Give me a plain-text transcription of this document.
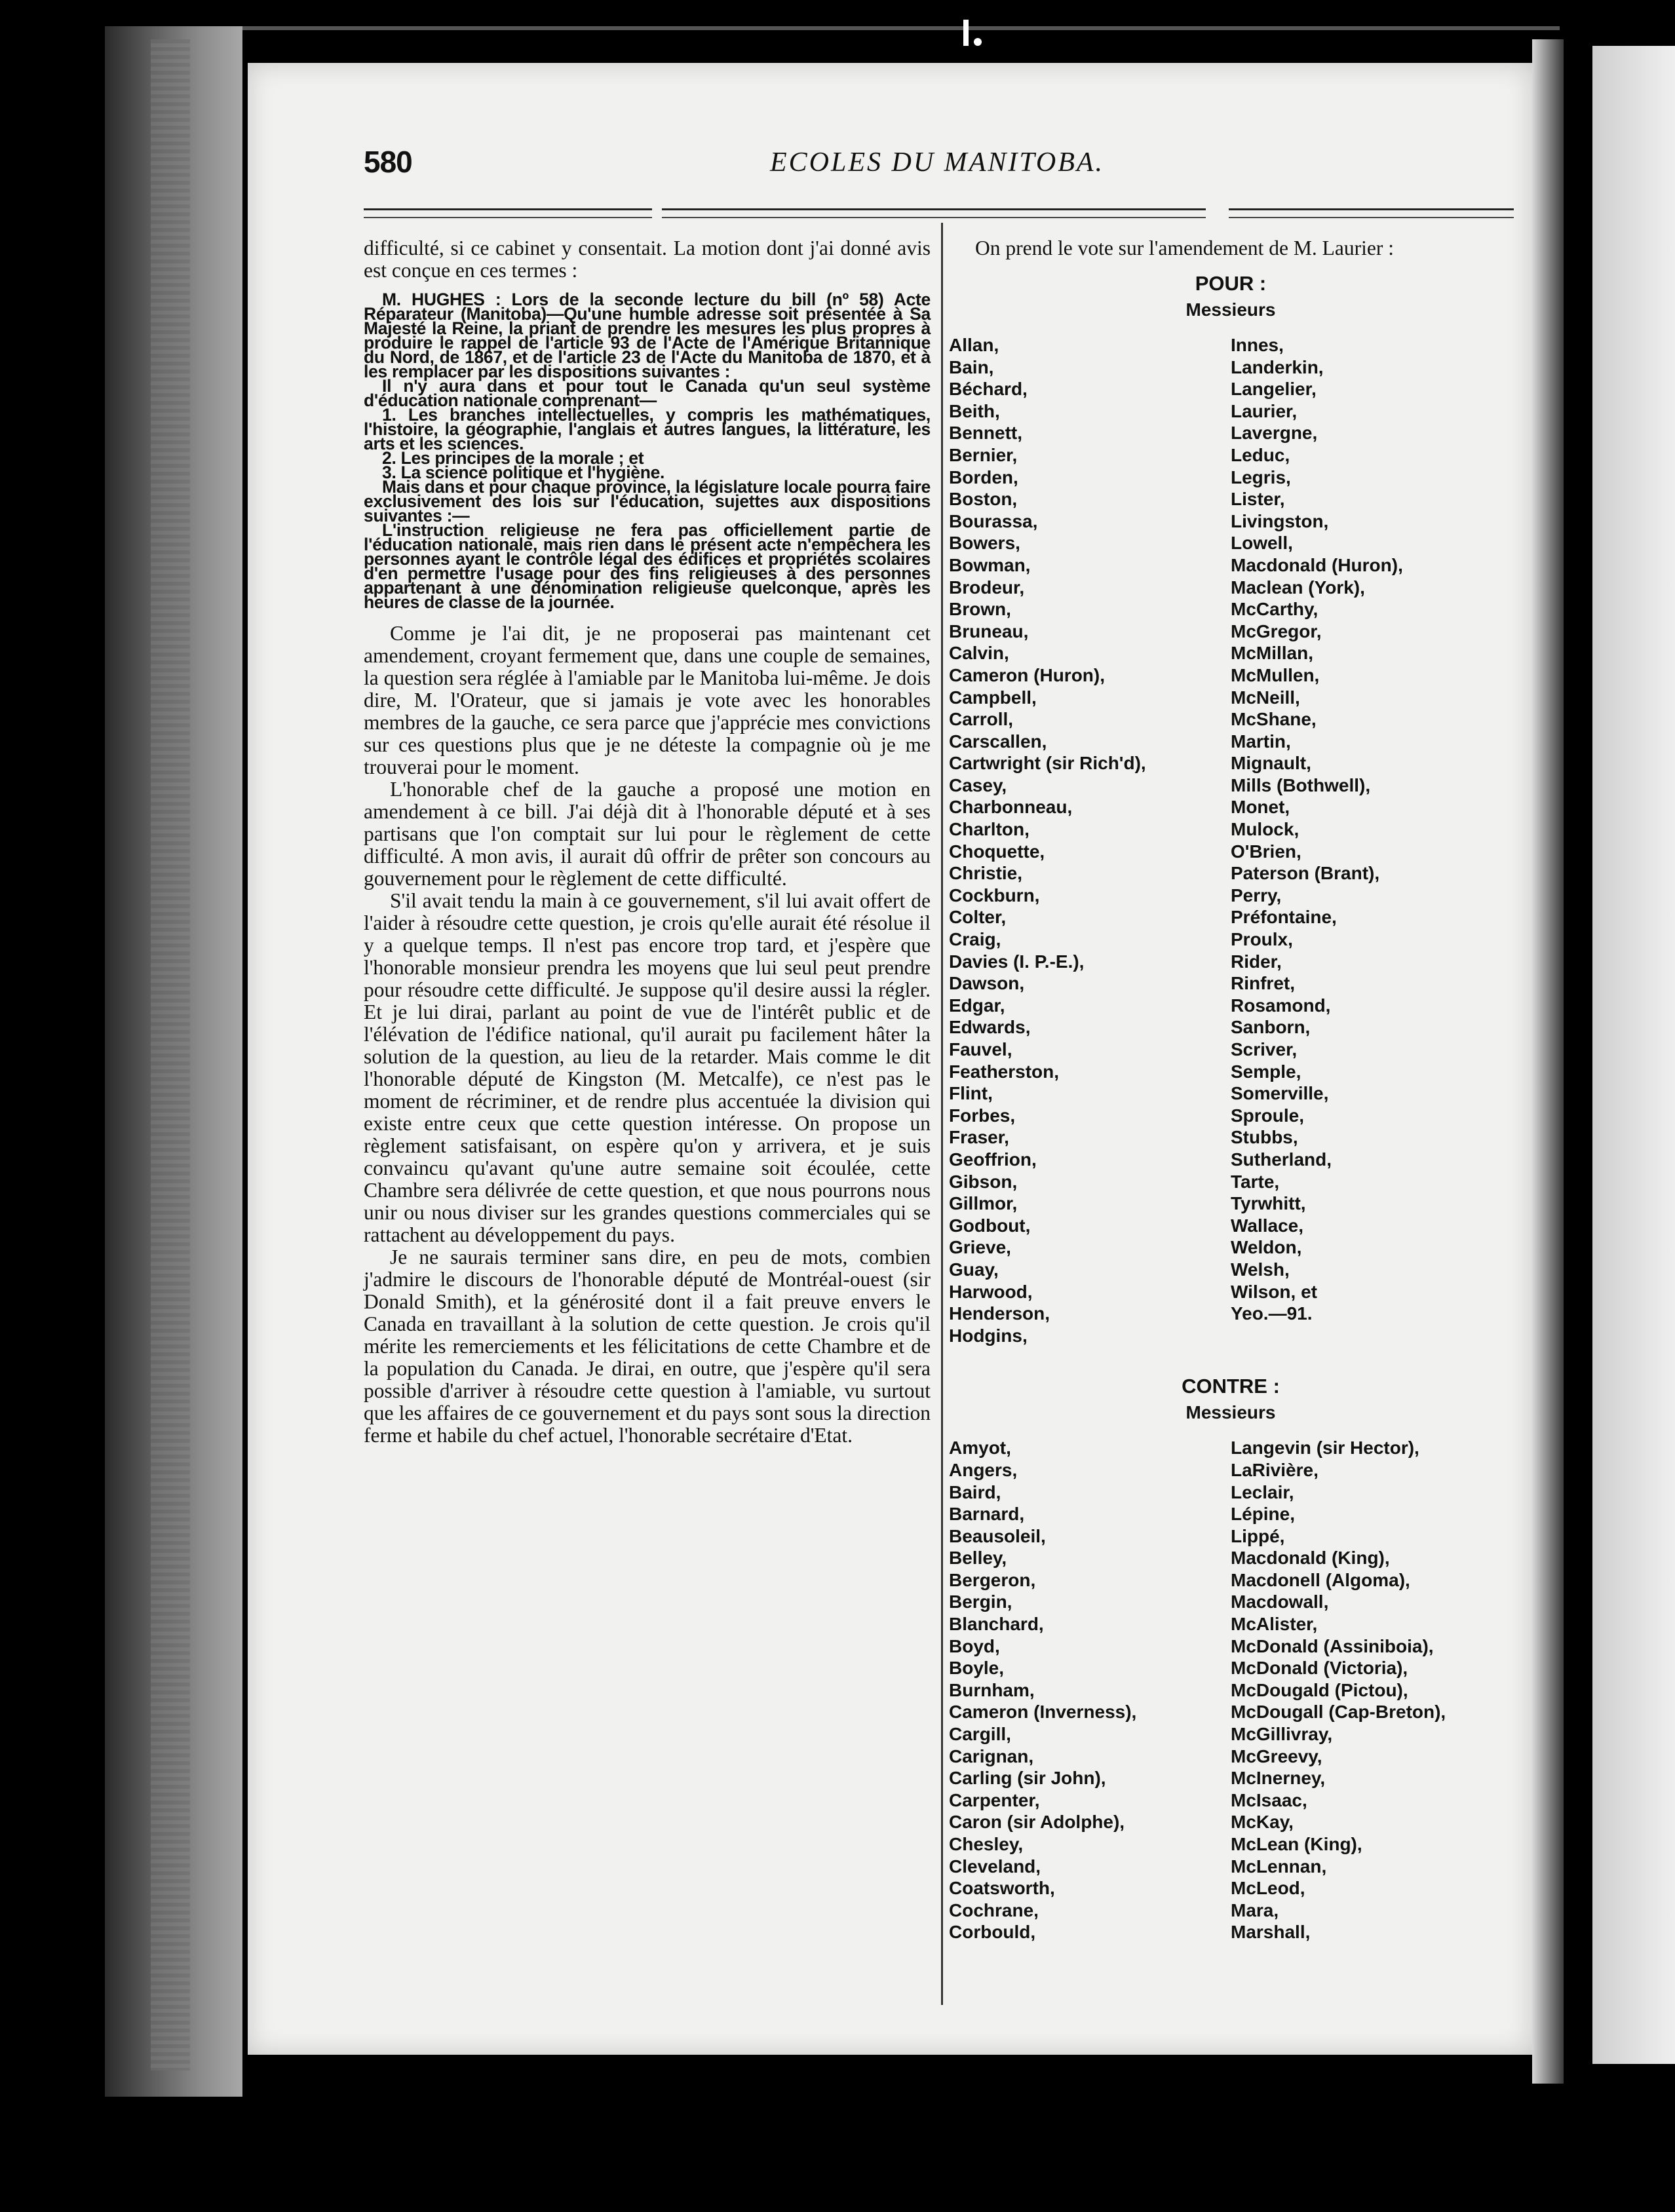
580	ECOLES DU MANITOBA.

difficulté, si ce cabinet y consentait. La motion dont j'ai donné avis est conçue en ces termes :

M. HUGHES : Lors de la seconde lecture du bill (nº 58) Acte Réparateur (Manitoba)—Qu'une humble adresse soit présentée à Sa Majesté la Reine, la priant de prendre les mesures les plus propres à produire le rappel de l'article 93 de l'Acte de l'Amérique Britannique du Nord, de 1867, et de l'article 23 de l'Acte du Manitoba de 1870, et à les remplacer par les dispositions suivantes :

Il n'y aura dans et pour tout le Canada qu'un seul système d'éducation nationale comprenant—

1. Les branches intellectuelles, y compris les mathématiques, l'histoire, la géographie, l'anglais et autres langues, la littérature, les arts et les sciences.

2. Les principes de la morale ; et

3. La science politique et l'hygiène.

Mais dans et pour chaque province, la législature locale pourra faire exclusivement des lois sur l'éducation, sujettes aux dispositions suivantes :—

L'instruction religieuse ne fera pas officiellement partie de l'éducation nationale, mais rien dans le présent acte n'empêchera les personnes ayant le contrôle légal des édifices et propriétés scolaires d'en permettre l'usage pour des fins religieuses à des personnes appartenant à une dénomination religieuse quelconque, après les heures de classe de la journée.

Comme je l'ai dit, je ne proposerai pas maintenant cet amendement, croyant fermement que, dans une couple de semaines, la question sera réglée à l'amiable par le Manitoba lui-même. Je dois dire, M. l'Orateur, que si jamais je vote avec les honorables membres de la gauche, ce sera parce que j'apprécie mes convictions sur ces questions plus que je ne déteste la compagnie où je me trouverai pour le moment.

L'honorable chef de la gauche a proposé une motion en amendement à ce bill. J'ai déjà dit à l'honorable député et à ses partisans que l'on comptait sur lui pour le règlement de cette difficulté. A mon avis, il aurait dû offrir de prêter son concours au gouvernement pour le règlement de cette difficulté.

S'il avait tendu la main à ce gouvernement, s'il lui avait offert de l'aider à résoudre cette question, je crois qu'elle aurait été résolue il y a quelque temps. Il n'est pas encore trop tard, et j'espère que l'honorable monsieur prendra les moyens que lui seul peut prendre pour résoudre cette difficulté. Je suppose qu'il desire aussi la régler. Et je lui dirai, parlant au point de vue de l'intérêt public et de l'élévation de l'édifice national, qu'il aurait pu facilement hâter la solution de la question, au lieu de la retarder. Mais comme le dit l'honorable député de Kingston (M. Metcalfe), ce n'est pas le moment de récriminer, et de rendre plus accentuée la division qui existe entre ceux que cette question intéresse. On propose un règlement satisfaisant, on espère qu'on y arrivera, et je suis convaincu qu'avant qu'une autre semaine soit écoulée, cette Chambre sera délivrée de cette question, et que nous pourrons nous unir ou nous diviser sur les grandes questions commerciales qui se rattachent au développement du pays.

Je ne saurais terminer sans dire, en peu de mots, combien j'admire le discours de l'honorable député de Montréal-ouest (sir Donald Smith), et la générosité dont il a fait preuve envers le Canada en travaillant à la solution de cette question. Je crois qu'il mérite les remerciements et les félicitations de cette Chambre et de la population du Canada. Je dirai, en outre, que j'espère qu'il sera possible d'arriver à résoudre cette question à l'amiable, vu surtout que les affaires de ce gouvernement et du pays sont sous la direction ferme et habile du chef actuel, l'honorable secrétaire d'Etat.

On prend le vote sur l'amendement de M. Laurier :

POUR :
Messieurs
Allan,
Bain,
Béchard,
Beith,
Bennett,
Bernier,
Borden,
Boston,
Bourassa,
Bowers,
Bowman,
Brodeur,
Brown,
Bruneau,
Calvin,
Cameron (Huron),
Campbell,
Carroll,
Carscallen,
Cartwright (sir Rich'd),
Casey,
Charbonneau,
Charlton,
Choquette,
Christie,
Cockburn,
Colter,
Craig,
Davies (I. P.-E.),
Dawson,
Edgar,
Edwards,
Fauvel,
Featherston,
Flint,
Forbes,
Fraser,
Geoffrion,
Gibson,
Gillmor,
Godbout,
Grieve,
Guay,
Harwood,
Henderson,
Hodgins,
Innes,
Landerkin,
Langelier,
Laurier,
Lavergne,
Leduc,
Legris,
Lister,
Livingston,
Lowell,
Macdonald (Huron),
Maclean (York),
McCarthy,
McGregor,
McMillan,
McMullen,
McNeill,
McShane,
Martin,
Mignault,
Mills (Bothwell),
Monet,
Mulock,
O'Brien,
Paterson (Brant),
Perry,
Préfontaine,
Proulx,
Rider,
Rinfret,
Rosamond,
Sanborn,
Scriver,
Semple,
Somerville,
Sproule,
Stubbs,
Sutherland,
Tarte,
Tyrwhitt,
Wallace,
Weldon,
Welsh,
Wilson, et
Yeo.—91.
CONTRE :
Messieurs
Amyot,
Angers,
Baird,
Barnard,
Beausoleil,
Belley,
Bergeron,
Bergin,
Blanchard,
Boyd,
Boyle,
Burnham,
Cameron (Inverness),
Cargill,
Carignan,
Carling (sir John),
Carpenter,
Caron (sir Adolphe),
Chesley,
Cleveland,
Coatsworth,
Cochrane,
Corbould,
Langevin (sir Hector),
LaRivière,
Leclair,
Lépine,
Lippé,
Macdonald (King),
Macdonell (Algoma),
Macdowall,
McAlister,
McDonald (Assiniboia),
McDonald (Victoria),
McDougald (Pictou),
McDougall (Cap-Breton),
McGillivray,
McGreevy,
McInerney,
McIsaac,
McKay,
McLean (King),
McLennan,
McLeod,
Mara,
Marshall,
